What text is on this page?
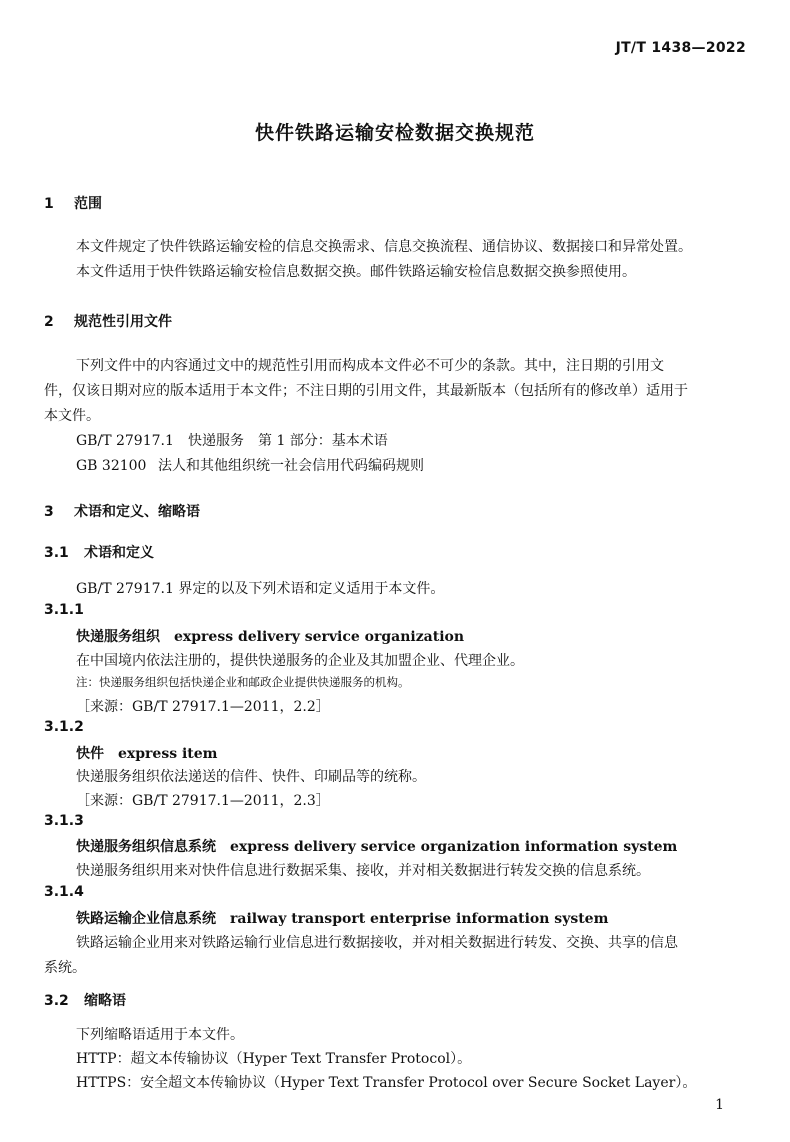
JT/T 1438—2022
快件铁路运输安检数据交换规范
1 范围
本文件规定了快件铁路运输安检的信息交换需求、信息交换流程、通信协议、数据接口和异常处置。
本文件适用于快件铁路运输安检信息数据交换。邮件铁路运输安检信息数据交换参照使用。
2 规范性引用文件
下列文件中的内容通过文中的规范性引用而构成本文件必不可少的条款。其中，注日期的引用文
件，仅该日期对应的版本适用于本文件；不注日期的引用文件，其最新版本（包括所有的修改单）适用于
本文件。
GB/T 27917.1 快递服务　第 1 部分：基本术语
GB 32100 法人和其他组织统一社会信用代码编码规则
3 术语和定义、缩略语
3.1 术语和定义
GB/T 27917.1 界定的以及下列术语和定义适用于本文件。
3.1.1
快递服务组织 express delivery service organization
在中国境内依法注册的，提供快递服务的企业及其加盟企业、代理企业。
注：快递服务组织包括快递企业和邮政企业提供快递服务的机构。
［来源：GB/T 27917.1—2011，2.2］
3.1.2
快件 express item
快递服务组织依法递送的信件、快件、印刷品等的统称。
［来源：GB/T 27917.1—2011，2.3］
3.1.3
快递服务组织信息系统 express delivery service organization information system
快递服务组织用来对快件信息进行数据采集、接收，并对相关数据进行转发交换的信息系统。
3.1.4
铁路运输企业信息系统 railway transport enterprise information system
铁路运输企业用来对铁路运输行业信息进行数据接收，并对相关数据进行转发、交换、共享的信息
系统。
3.2 缩略语
下列缩略语适用于本文件。
HTTP：超文本传输协议（Hyper Text Transfer Protocol）。
HTTPS：安全超文本传输协议（Hyper Text Transfer Protocol over Secure Socket Layer）。
1
